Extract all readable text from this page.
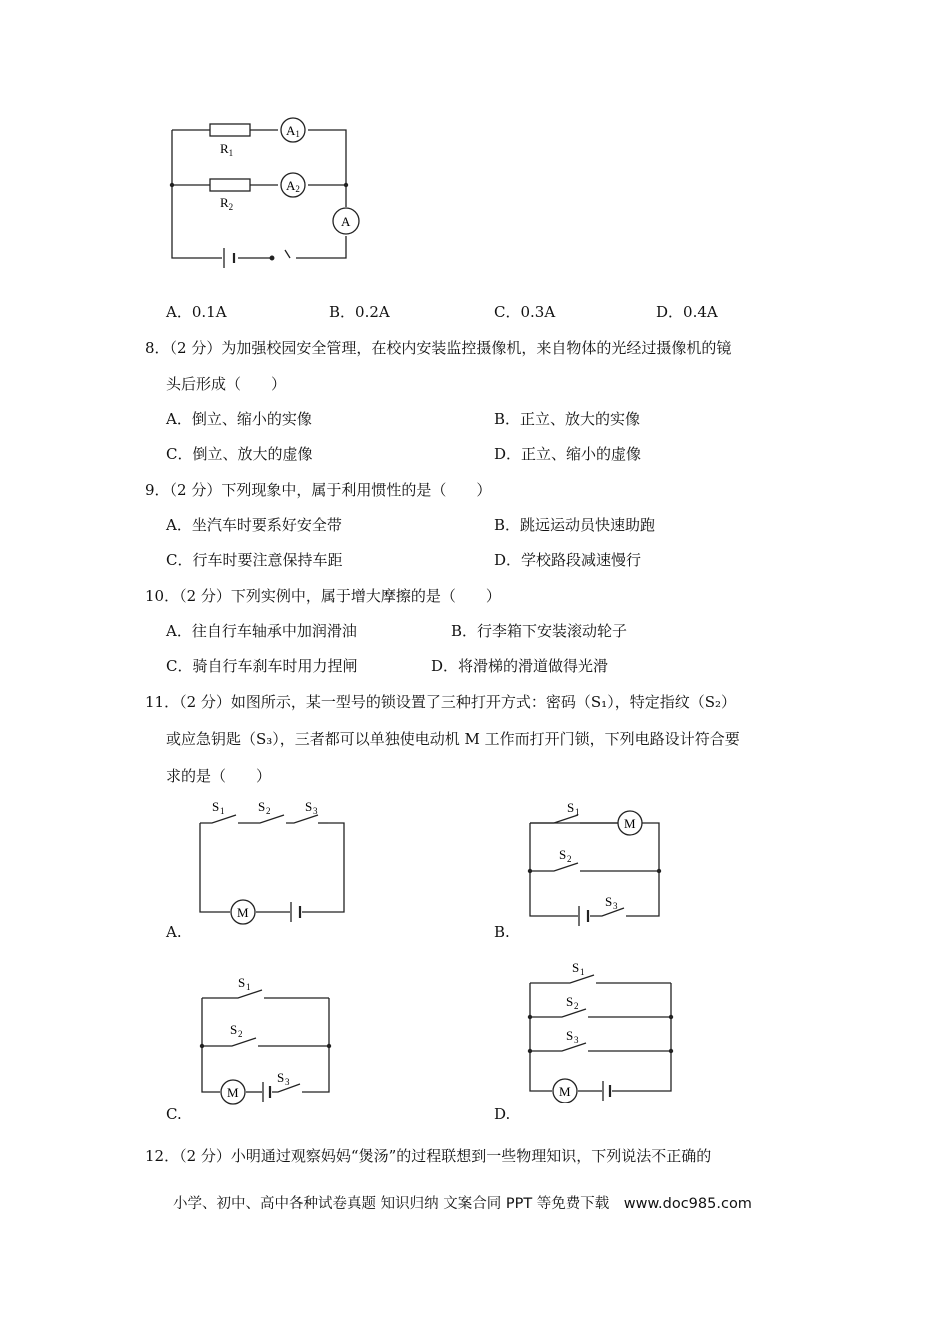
$R_1$
$R_2$
A1
A2
A
A．0.1A	B．0.2A	C．0.3A	D．0.4A
8．（2 分）为加强校园安全管理，在校内安装监控摄像机，来自物体的光经过摄像机的镜
头后形成（　　）
A．倒立、缩小的实像	B．正立、放大的实像
C．倒立、放大的虚像	D．正立、缩小的虚像
9．（2 分）下列现象中，属于利用惯性的是（　　）
A．坐汽车时要系好安全带	B．跳远运动员快速助跑
C．行车时要注意保持车距	D．学校路段减速慢行
10．（2 分）下列实例中，属于增大摩擦的是（　　）
A．往自行车轴承中加润滑油	B．行李箱下安装滚动轮子
C．骑自行车刹车时用力捏闸	D．将滑梯的滑道做得光滑
11．（2 分）如图所示，某一型号的锁设置了三种打开方式：密码（S₁），特定指纹（S₂）
或应急钥匙（S₃），三者都可以单独使电动机 M 工作而打开门锁，下列电路设计符合要
求的是（　　）
S 1	S 2	S 3
M
A.
S 1
S 2
S 3
M
B.
S 1
S 2
S 3
M
C.
S 1
S 2
S 3
M
D.
12．（2 分）小明通过观察妈妈“煲汤”的过程联想到一些物理知识，下列说法不正确的
小学、初中、高中各种试卷真题 知识归纳 文案合同 PPT 等免费下载　www.doc985.com
